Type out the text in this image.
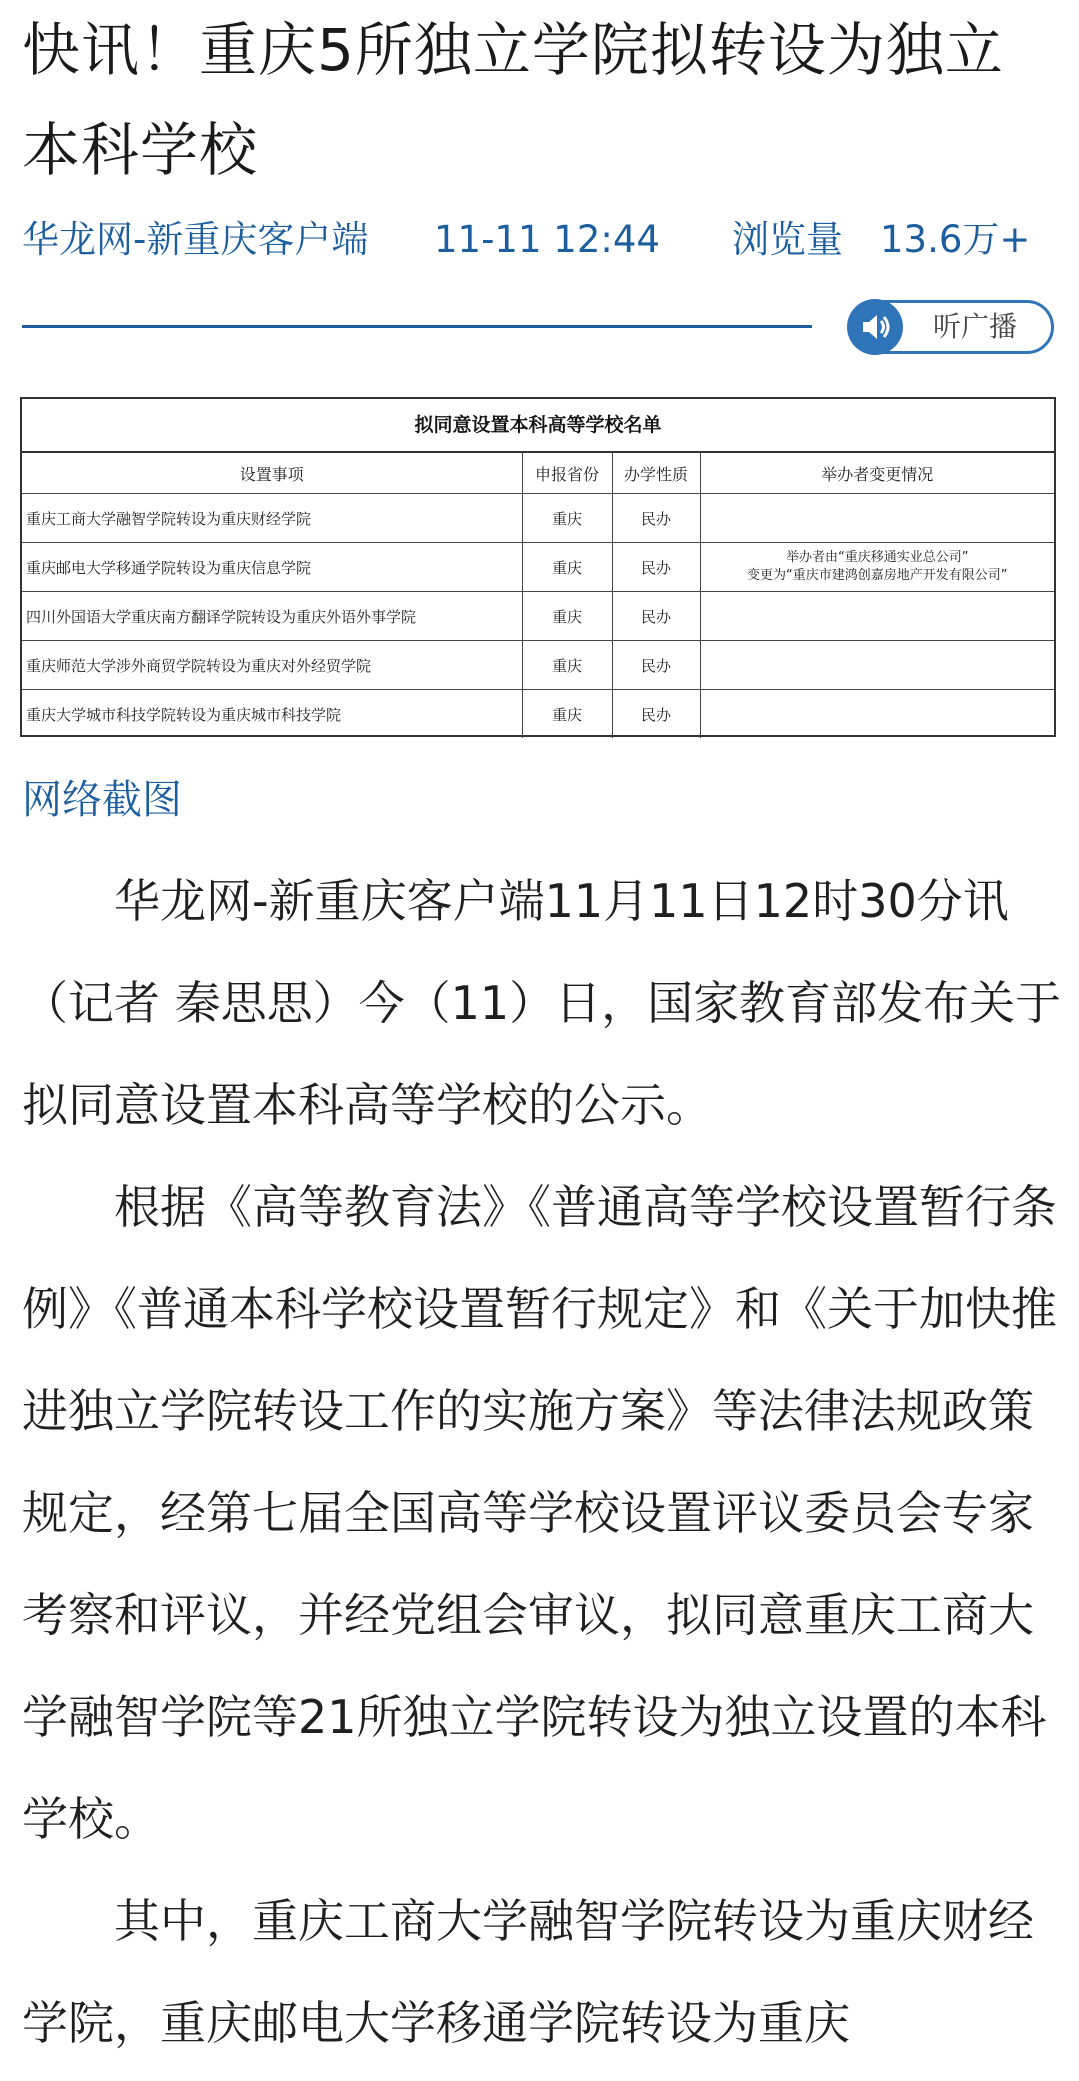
快讯！重庆5所独立学院拟转设为独立本科学校
华龙网-新重庆客户端 11-11 12:44 浏览量 13.6万+
听广播
拟同意设置本科高等学校名单
设置事项	申报省份	办学性质	举办者变更情况
重庆工商大学融智学院转设为重庆财经学院	重庆	民办	
重庆邮电大学移通学院转设为重庆信息学院	重庆	民办	举办者由“重庆移通实业总公司”
变更为“重庆市建鸿创嘉房地产开发有限公司”

四川外国语大学重庆南方翻译学院转设为重庆外语外事学院	重庆	民办	
重庆师范大学涉外商贸学院转设为重庆对外经贸学院	重庆	民办	
重庆大学城市科技学院转设为重庆城市科技学院	重庆	民办	
网络截图

华龙网-新重庆客户端11月11日12时30分讯（记者 秦思思）今（11）日，国家教育部发布关于拟同意设置本科高等学校的公示。

根据《高等教育法》《普通高等学校设置暂行条例》《普通本科学校设置暂行规定》和《关于加快推进独立学院转设工作的实施方案》等法律法规政策规定，经第七届全国高等学校设置评议委员会专家考察和评议，并经党组会审议，拟同意重庆工商大学融智学院等21所独立学院转设为独立设置的本科学校。

其中，重庆工商大学融智学院转设为重庆财经学院，重庆邮电大学移通学院转设为重庆
